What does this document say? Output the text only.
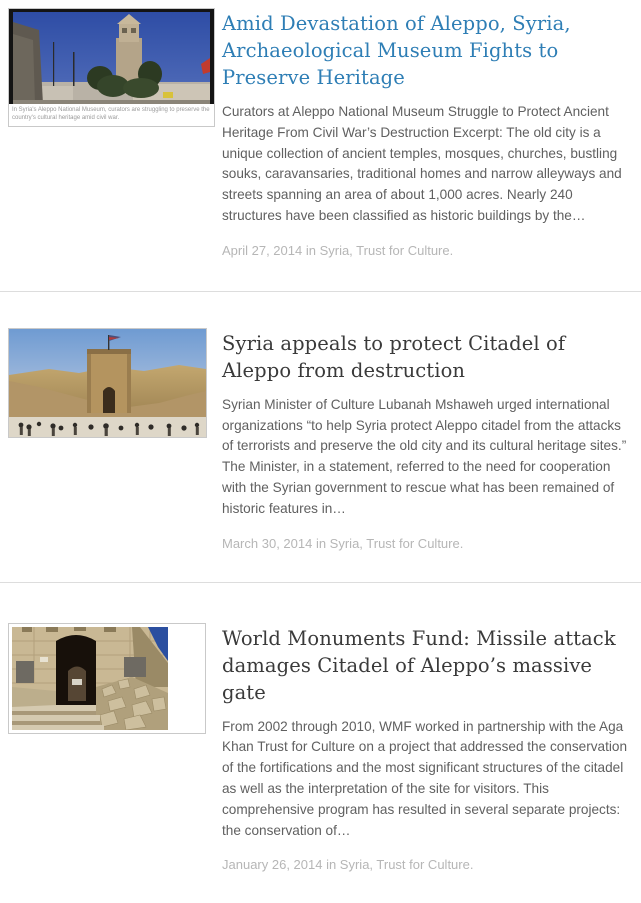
In Syria's Aleppo National Museum, curators are struggling to preserve the country's cultural heritage amid civil war.
Amid Devastation of Aleppo, Syria, Archaeological Museum Fights to Preserve Heritage

Curators at Aleppo National Museum Struggle to Protect Ancient Heritage From Civil War’s Destruction Excerpt: The old city is a unique collection of ancient temples, mosques, churches, bustling souks, caravansaries, traditional homes and narrow alleyways and streets spanning an area of about 1,000 acres. Nearly 240 structures have been classified as historic buildings by the…

April 27, 2014 in Syria, Trust for Culture.

Syria appeals to protect Citadel of Aleppo from destruction

Syrian Minister of Culture Lubanah Mshaweh urged international organizations “to help Syria protect Aleppo citadel from the attacks of terrorists and preserve the old city and its cultural heritage sites.” The Minister, in a statement, referred to the need for cooperation with the Syrian government to rescue what has been remained of historic features in…

March 30, 2014 in Syria, Trust for Culture.

World Monuments Fund: Missile attack damages Citadel of Aleppo’s massive gate

From 2002 through 2010, WMF worked in partnership with the Aga Khan Trust for Culture on a project that addressed the conservation of the fortifications and the most significant structures of the citadel as well as the interpretation of the site for visitors. This comprehensive program has resulted in several separate projects: the conservation of…

January 26, 2014 in Syria, Trust for Culture.
